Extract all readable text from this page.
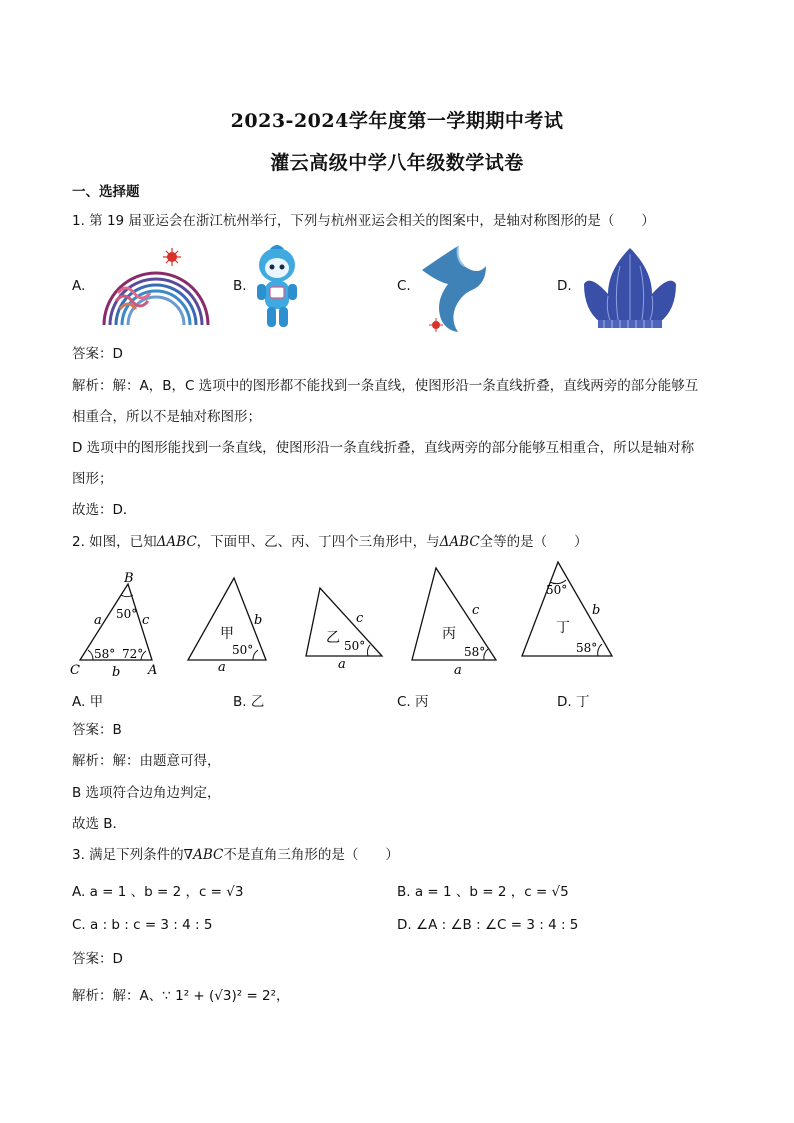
2023-2024学年度第一学期期中考试
灌云高级中学八年级数学试卷
一、选择题
1. 第 19 届亚运会在浙江杭州举行，下列与杭州亚运会相关的图案中，是轴对称图形的是（　　）
A.	B.	C.	D.
答案：D
解析：解：A，B，C 选项中的图形都不能找到一条直线，使图形沿一条直线折叠，直线两旁的部分能够互
相重合，所以不是轴对称图形；
D 选项中的图形能找到一条直线，使图形沿一条直线折叠，直线两旁的部分能够互相重合，所以是轴对称
图形；
故选：D．
2. 如图，已知ΔABC，下面甲、乙、丙、丁四个三角形中，与ΔABC全等的是（　　）
B
C	A
a	c
b
50°
58° 72°
甲
b
50°
a
乙
c
50°
a
丙
c
58°
a
50°
丁
b
58°
A. 甲	B. 乙	C. 丙	D. 丁
答案：B
解析：解：由题意可得，
B 选项符合边角边判定，
故选 B．
3. 满足下列条件的∇ABC不是直角三角形的是（　　）
A. a = 1 、b = 2 ，c = √3	B. a = 1 、b = 2 ，c = √5
C. a : b : c = 3 : 4 : 5	D. ∠A : ∠B : ∠C = 3 : 4 : 5
答案：D
解析：解：A、∵ 1² + (√3)² = 2²，
